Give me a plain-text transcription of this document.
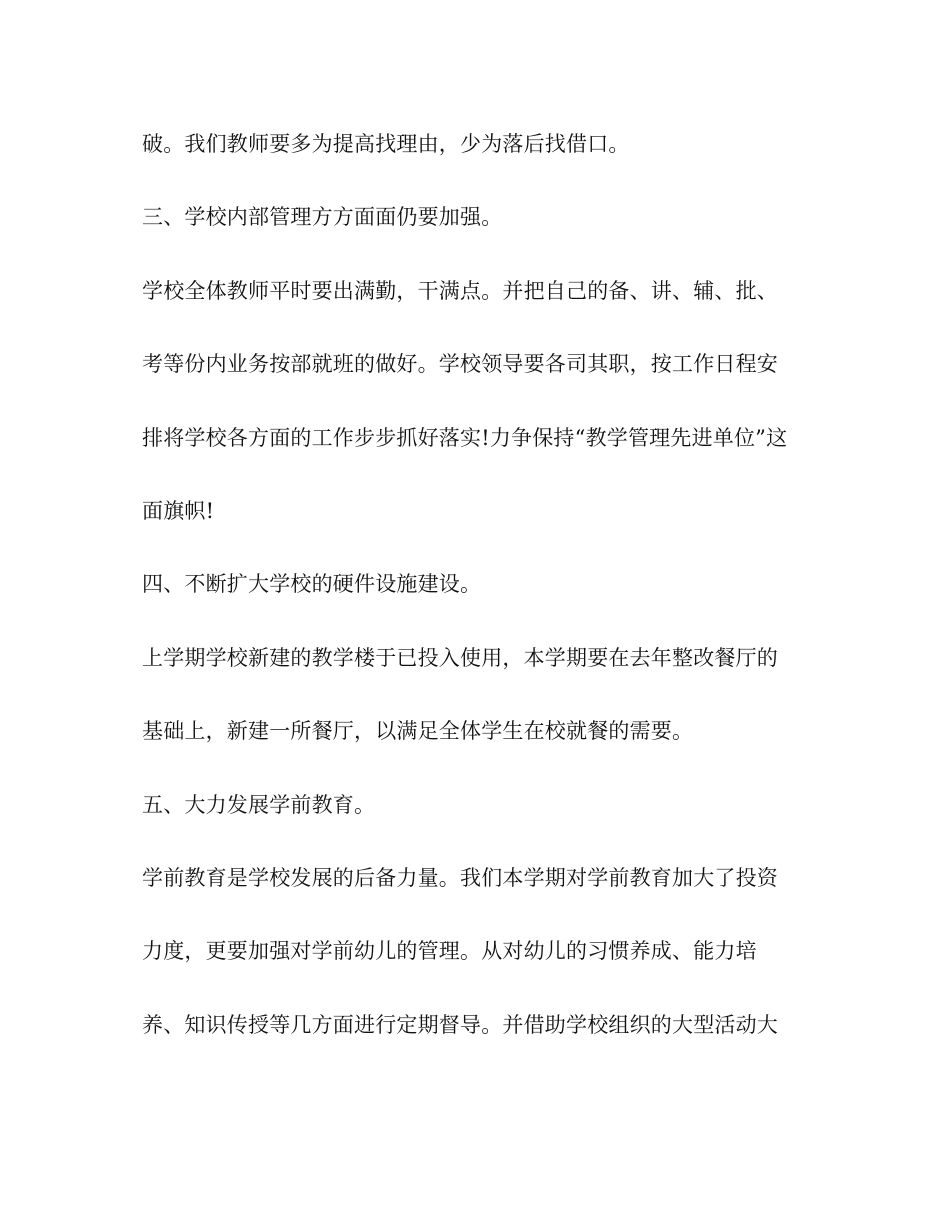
破。我们教师要多为提高找理由，少为落后找借口。

三、学校内部管理方方面面仍要加强。

学校全体教师平时要出满勤，干满点。并把自己的备、讲、辅、批、

考等份内业务按部就班的做好。学校领导要各司其职，按工作日程安

排将学校各方面的工作步步抓好落实!力争保持“教学管理先进单位”这

面旗帜!

四、不断扩大学校的硬件设施建设。

上学期学校新建的教学楼于已投入使用，本学期要在去年整改餐厅的

基础上，新建一所餐厅，以满足全体学生在校就餐的需要。

五、大力发展学前教育。

学前教育是学校发展的后备力量。我们本学期对学前教育加大了投资

力度，更要加强对学前幼儿的管理。从对幼儿的习惯养成、能力培

养、知识传授等几方面进行定期督导。并借助学校组织的大型活动大
